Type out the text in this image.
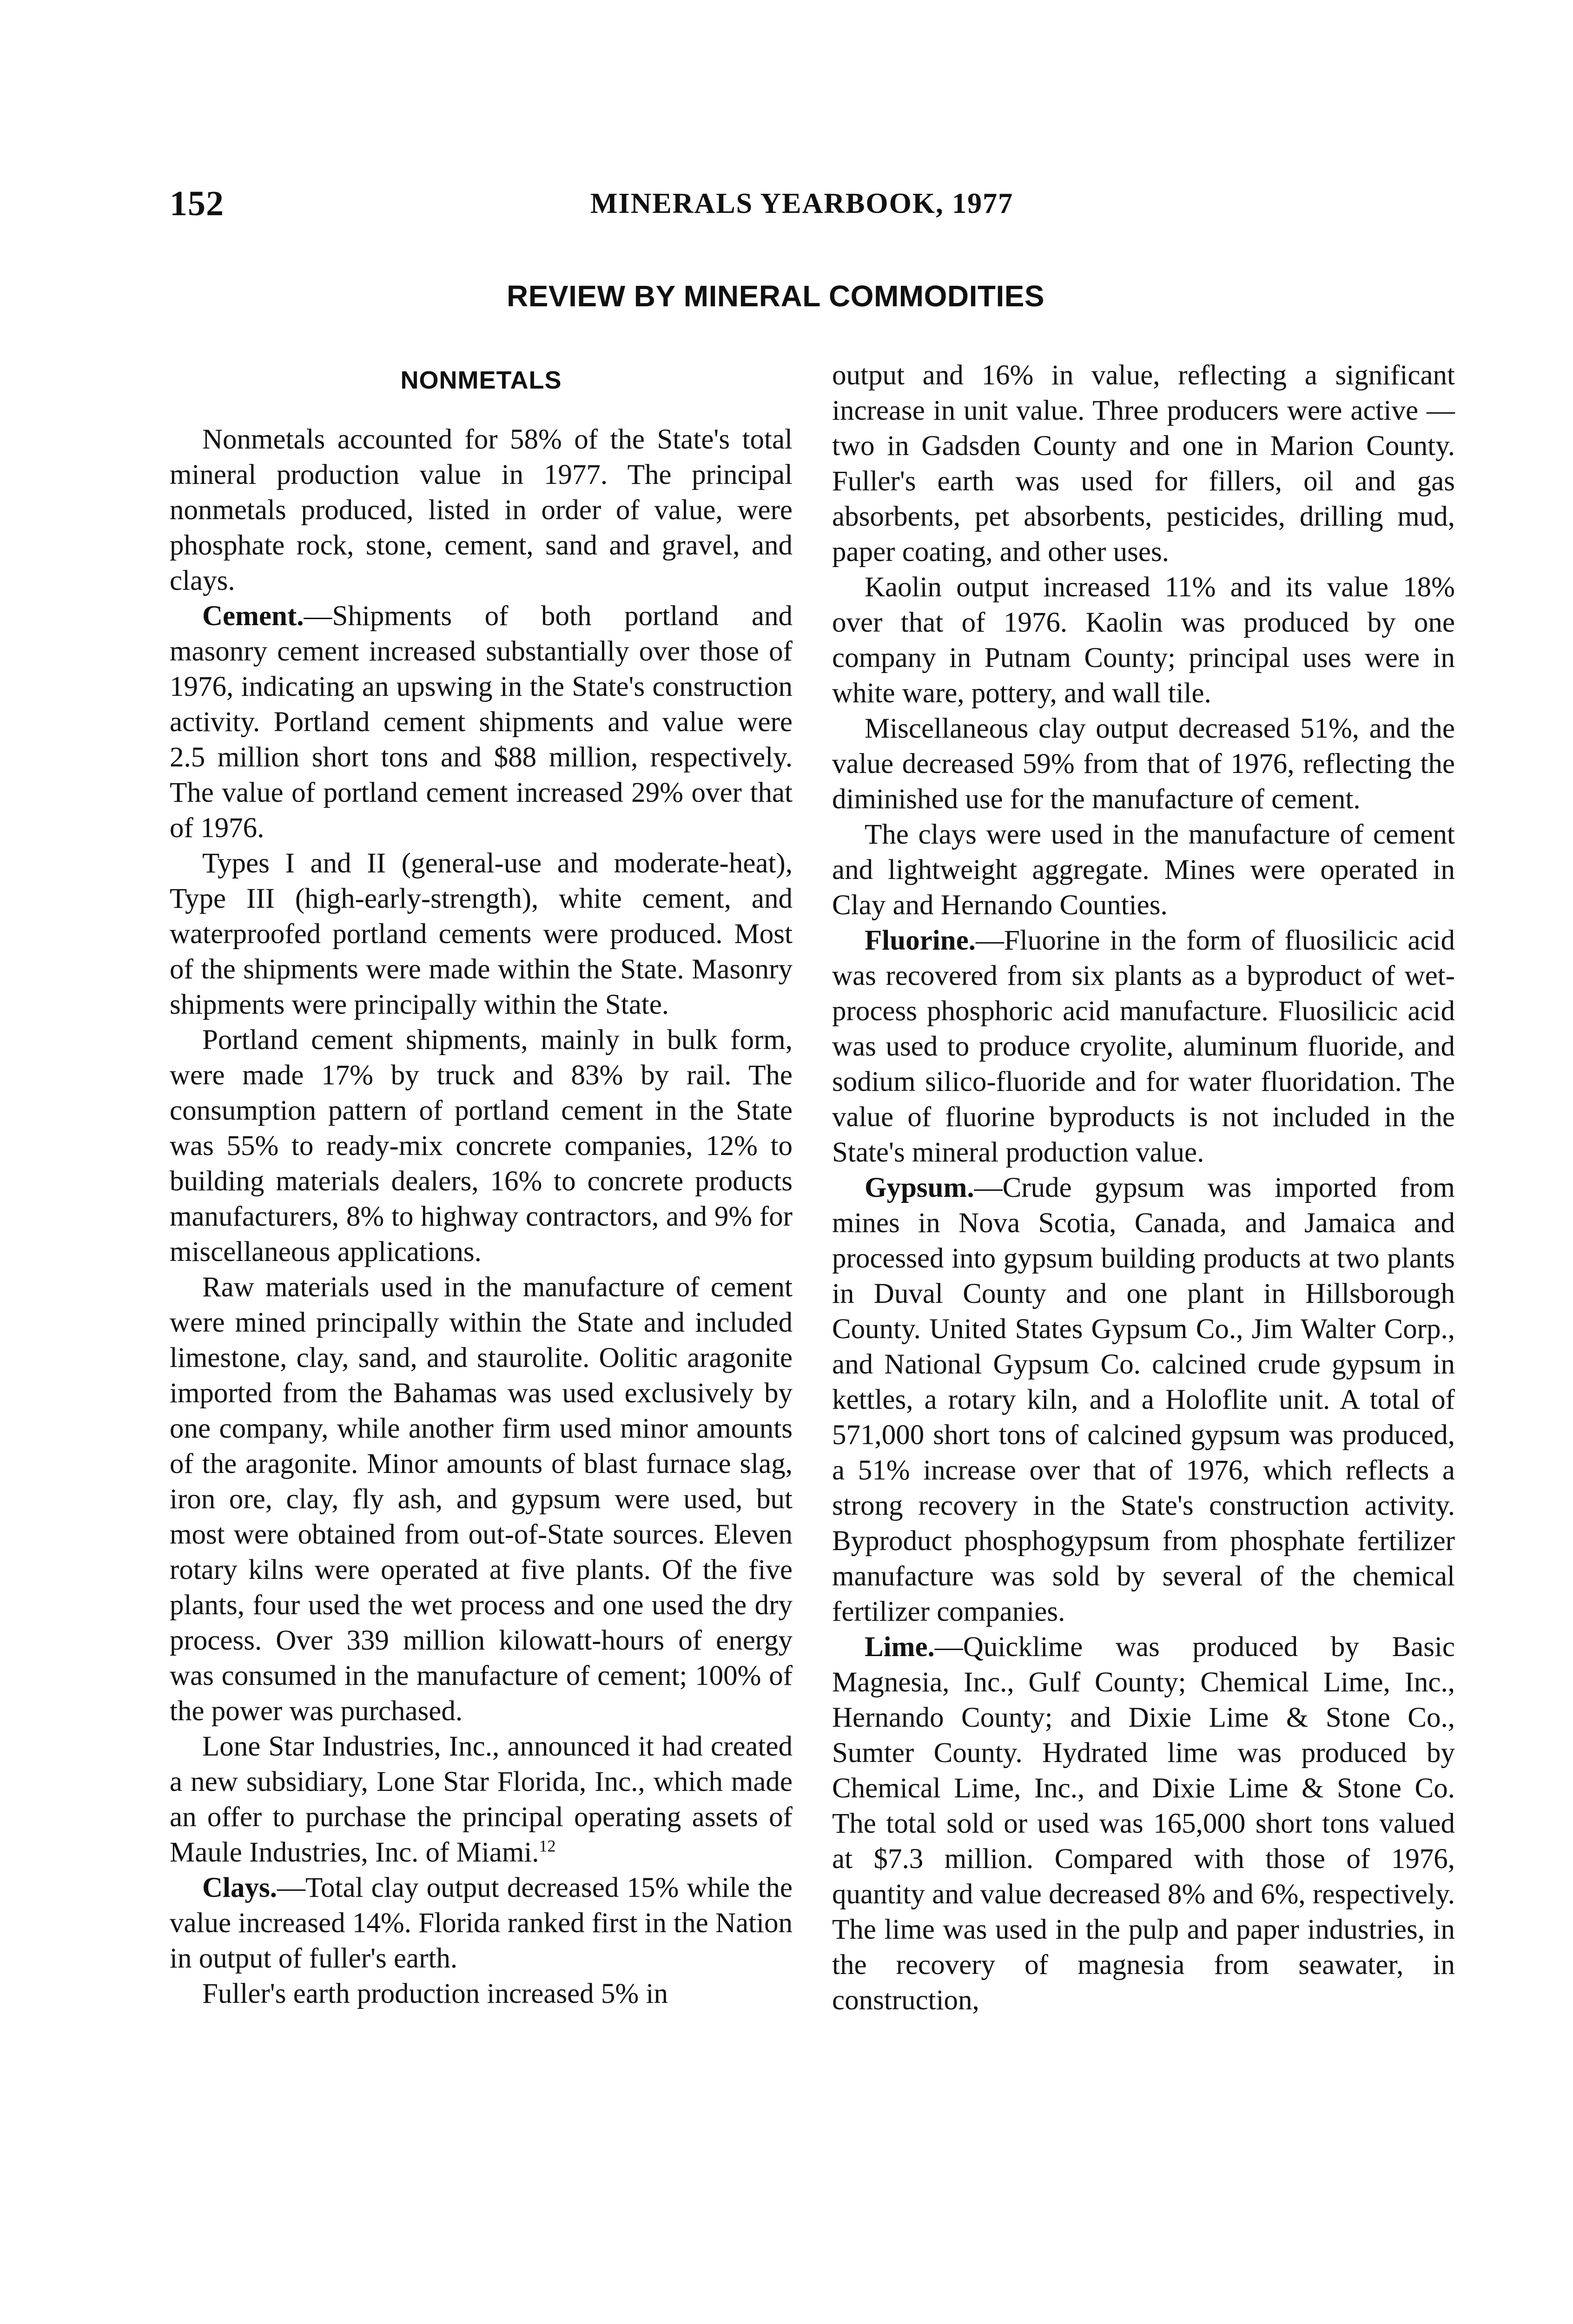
152	MINERALS YEARBOOK, 1977
REVIEW BY MINERAL COMMODITIES
NONMETALS

Nonmetals accounted for 58% of the State's total mineral production value in 1977. The principal nonmetals produced, listed in order of value, were phosphate rock, stone, cement, sand and gravel, and clays.

Cement.—Shipments of both portland and masonry cement increased substantially over those of 1976, indicating an upswing in the State's construction activity. Portland cement shipments and value were 2.5 million short tons and $88 million, respectively. The value of portland cement increased 29% over that of 1976.

Types I and II (general-use and moderate-heat), Type III (high-early-strength), white cement, and waterproofed portland cements were produced. Most of the shipments were made within the State. Masonry shipments were principally within the State.

Portland cement shipments, mainly in bulk form, were made 17% by truck and 83% by rail. The consumption pattern of portland cement in the State was 55% to ready-mix concrete companies, 12% to building materials dealers, 16% to concrete products manufacturers, 8% to highway contractors, and 9% for miscellaneous applications.

Raw materials used in the manufacture of cement were mined principally within the State and included limestone, clay, sand, and staurolite. Oolitic aragonite imported from the Bahamas was used exclusively by one company, while another firm used minor amounts of the aragonite. Minor amounts of blast furnace slag, iron ore, clay, fly ash, and gypsum were used, but most were obtained from out-of-State sources. Eleven rotary kilns were operated at five plants. Of the five plants, four used the wet process and one used the dry process. Over 339 million kilowatt-hours of energy was consumed in the manufacture of cement; 100% of the power was purchased.

Lone Star Industries, Inc., announced it had created a new subsidiary, Lone Star Florida, Inc., which made an offer to purchase the principal operating assets of Maule Industries, Inc. of Miami.$^{12}$

Clays.—Total clay output decreased 15% while the value increased 14%. Florida ranked first in the Nation in output of fuller's earth.

Fuller's earth production increased 5% in

output and 16% in value, reflecting a significant increase in unit value. Three producers were active — two in Gadsden County and one in Marion County. Fuller's earth was used for fillers, oil and gas absorbents, pet absorbents, pesticides, drilling mud, paper coating, and other uses.

Kaolin output increased 11% and its value 18% over that of 1976. Kaolin was produced by one company in Putnam County; principal uses were in white ware, pottery, and wall tile.

Miscellaneous clay output decreased 51%, and the value decreased 59% from that of 1976, reflecting the diminished use for the manufacture of cement.

The clays were used in the manufacture of cement and lightweight aggregate. Mines were operated in Clay and Hernando Counties.

Fluorine.—Fluorine in the form of fluosilicic acid was recovered from six plants as a byproduct of wet-process phosphoric acid manufacture. Fluosilicic acid was used to produce cryolite, aluminum fluoride, and sodium silico-fluoride and for water fluoridation. The value of fluorine byproducts is not included in the State's mineral production value.

Gypsum.—Crude gypsum was imported from mines in Nova Scotia, Canada, and Jamaica and processed into gypsum building products at two plants in Duval County and one plant in Hillsborough County. United States Gypsum Co., Jim Walter Corp., and National Gypsum Co. calcined crude gypsum in kettles, a rotary kiln, and a Holoflite unit. A total of 571,000 short tons of calcined gypsum was produced, a 51% increase over that of 1976, which reflects a strong recovery in the State's construction activity. Byproduct phosphogypsum from phosphate fertilizer manufacture was sold by several of the chemical fertilizer companies.

Lime.—Quicklime was produced by Basic Magnesia, Inc., Gulf County; Chemical Lime, Inc., Hernando County; and Dixie Lime & Stone Co., Sumter County. Hydrated lime was produced by Chemical Lime, Inc., and Dixie Lime & Stone Co. The total sold or used was 165,000 short tons valued at $7.3 million. Compared with those of 1976, quantity and value decreased 8% and 6%, respectively. The lime was used in the pulp and paper industries, in the recovery of magnesia from seawater, in construction,
